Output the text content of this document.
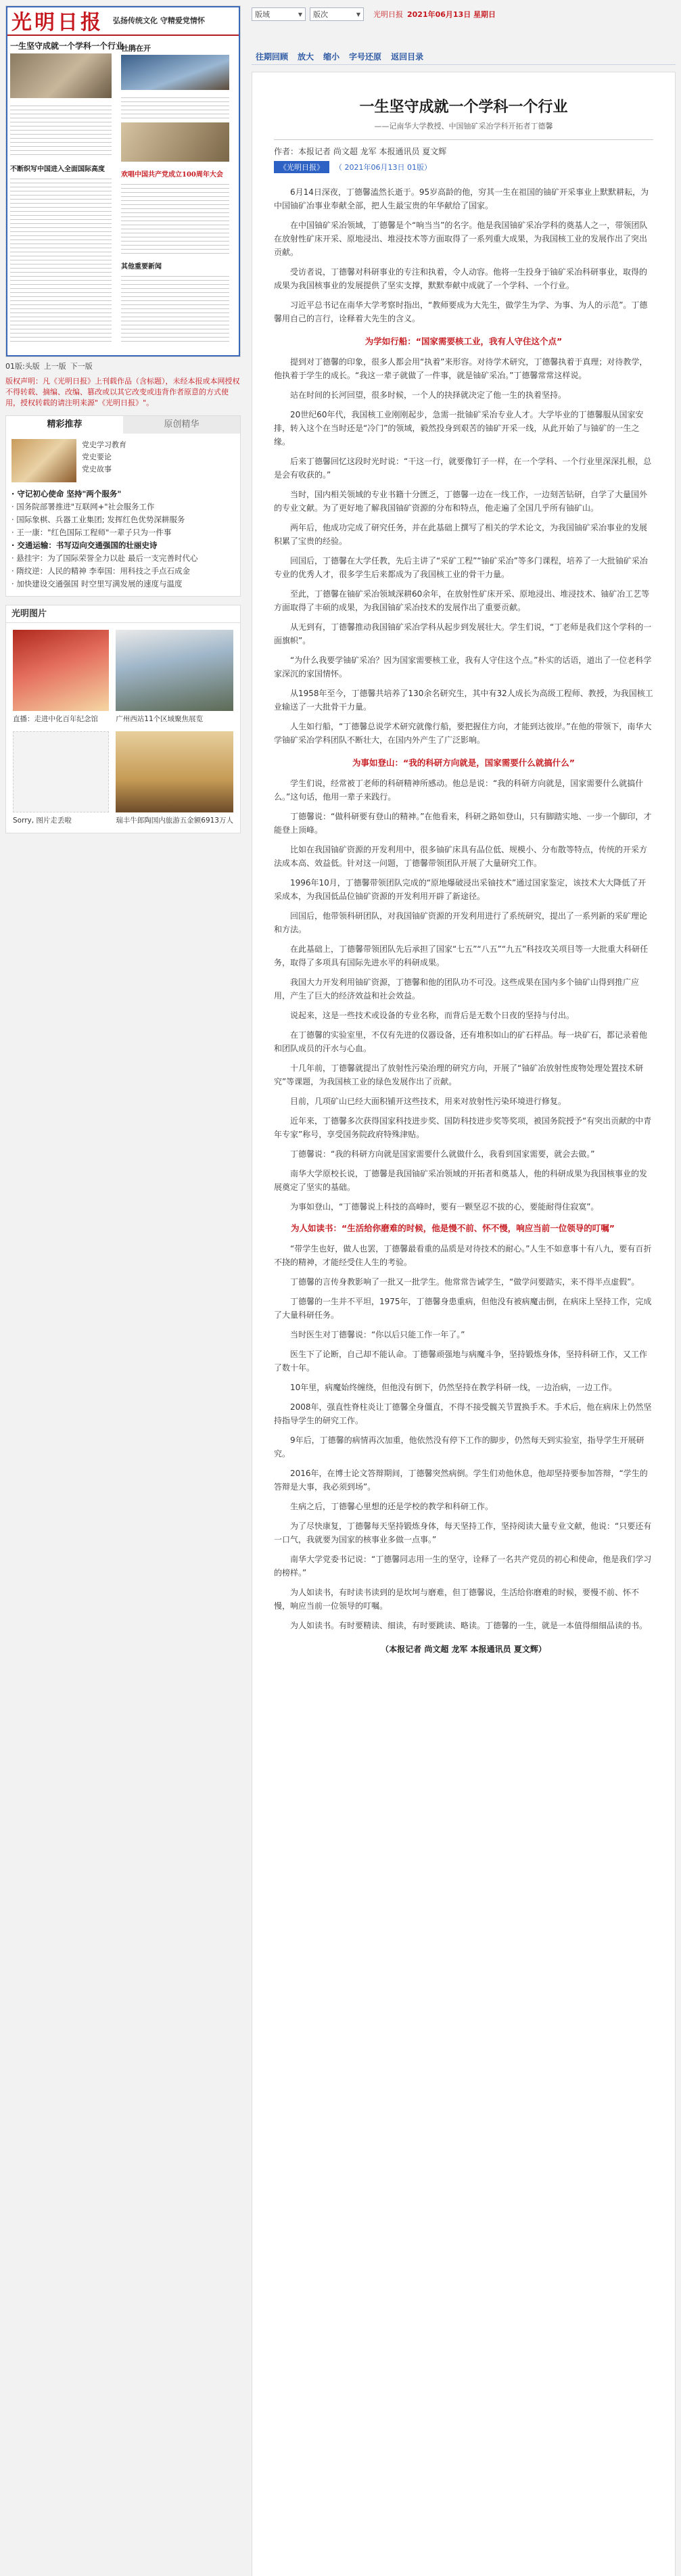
光明日报 弘扬传统文化 守精爱党情怀
一生坚守成就一个学科一个行业
杜鹃在开
不断织写中国进入全面国际高度
欢唱中国共产党成立100周年大会
其他重要新闻
01版:头版 上一版 下一版
版权声明：凡《光明日报》上刊载作品（含标题），未经本报或本网授权不得转载、摘编、改编、篡改或以其它改变或违背作者原意的方式使用，授权转载的请注明来源"《光明日报》"。
精彩推荐	原创精华
党史学习教育
党史要论
党史故事
· 守记初心使命 坚持"两个服务"
· 国务院部署推进"互联网+"社会服务工作
· 国际象棋、兵器工业集团; 发挥红色优势深耕服务
· 王一康："红色国际工程师"一辈子只为一件事
· 交通运输：书写迈向交通强国的壮丽史诗
· 悬挂宇：为了国际荣誉全力以赴 最后一支完善时代心
· 隋纹逆：人民的精神 李奉国：用科技之手点石成金
· 加快建设交通强国 时空里写满发展的速度与温度
光明图片
直播：走进中化百年纪念馆	广州西站11个区域聚焦展览
Sorry, 图片走丢啦	瑞丰牛郎陶国内旅游五金额6913万人
版域	▼ 版次	▼ 光明日报 2021年06月13日 星期日
往期回顾 放大 缩小 字号还原 返回目录
一生坚守成就一个学科一个行业
——记南华大学教授、中国铀矿采冶学科开拓者丁德馨
作者：本报记者 尚文超 龙军 本报通讯员 夏文辉
《光明日报》	（ 2021年06月13日 01版）
6月14日深夜，丁德馨溘然长逝于。95岁高龄的他，穷其一生在祖国的铀矿开采事业上默默耕耘，为中国铀矿冶事业奉献全部，把人生最宝贵的年华献给了国家。
在中国铀矿采冶领域，丁德馨是个“响当当”的名字。他是我国铀矿采冶学科的奠基人之一，带领团队在放射性矿床开采、原地浸出、堆浸技术等方面取得了一系列重大成果，为我国核工业的发展作出了突出贡献。
受访者说，丁德馨对科研事业的专注和执着，令人动容。他将一生投身于铀矿采冶科研事业，取得的成果为我国核事业的发展提供了坚实支撑，默默奉献中成就了一个学科、一个行业。
习近平总书记在南华大学考察时指出，“教师要成为大先生，做学生为学、为事、为人的示范”。丁德馨用自己的言行，诠释着大先生的含义。
为学如行船：“国家需要核工业，我有人守住这个点”
提到对丁德馨的印象，很多人都会用“执着”来形容。对待学术研究，丁德馨执着于真理；对待教学，他执着于学生的成长。“我这一辈子就做了一件事，就是铀矿采冶。”丁德馨常常这样说。
站在时间的长河回望，很多时候，一个人的抉择就决定了他一生的执着坚持。
20世纪60年代，我国核工业刚刚起步，急需一批铀矿采冶专业人才。大学毕业的丁德馨服从国家安排，转入这个在当时还是“冷门”的领域，毅然投身到艰苦的铀矿开采一线，从此开始了与铀矿的一生之缘。
后来丁德馨回忆这段时光时说：“干这一行，就要像钉子一样，在一个学科、一个行业里深深扎根，总是会有收获的。”
当时，国内相关领域的专业书籍十分匮乏，丁德馨一边在一线工作，一边刻苦钻研，自学了大量国外的专业文献。为了更好地了解我国铀矿资源的分布和特点，他走遍了全国几乎所有铀矿山。
两年后，他成功完成了研究任务，并在此基础上撰写了相关的学术论文，为我国铀矿采冶事业的发展积累了宝贵的经验。
回国后，丁德馨在大学任教，先后主讲了“采矿工程”“铀矿采冶”等多门课程，培养了一大批铀矿采冶专业的优秀人才，很多学生后来都成为了我国核工业的骨干力量。
至此，丁德馨在铀矿采冶领域深耕60余年，在放射性矿床开采、原地浸出、堆浸技术、铀矿冶工艺等方面取得了丰硕的成果，为我国铀矿采冶技术的发展作出了重要贡献。
从无到有，丁德馨推动我国铀矿采冶学科从起步到发展壮大。学生们说，“丁老师是我们这个学科的一面旗帜”。
“为什么我要学铀矿采冶？因为国家需要核工业，我有人守住这个点。”朴实的话语，道出了一位老科学家深沉的家国情怀。
从1958年至今，丁德馨共培养了130余名研究生，其中有32人成长为高级工程师、教授，为我国核工业输送了一大批骨干力量。
人生如行船，“丁德馨总说学术研究就像行船，要把握住方向，才能到达彼岸。”在他的带领下，南华大学铀矿采冶学科团队不断壮大，在国内外产生了广泛影响。
为事如登山：“我的科研方向就是，国家需要什么就搞什么”
学生们说，经常被丁老师的科研精神所感动。他总是说：“我的科研方向就是，国家需要什么就搞什么。”这句话，他用一辈子来践行。
丁德馨说：“做科研要有登山的精神。”在他看来，科研之路如登山，只有脚踏实地、一步一个脚印，才能登上顶峰。
比如在我国铀矿资源的开发利用中，很多铀矿床具有品位低、规模小、分布散等特点，传统的开采方法成本高、效益低。针对这一问题，丁德馨带领团队开展了大量研究工作。
1996年10月，丁德馨带领团队完成的“原地爆破浸出采铀技术”通过国家鉴定，该技术大大降低了开采成本，为我国低品位铀矿资源的开发利用开辟了新途径。
回国后，他带领科研团队，对我国铀矿资源的开发利用进行了系统研究，提出了一系列新的采矿理论和方法。
在此基础上，丁德馨带领团队先后承担了国家“七五”“八五”“九五”科技攻关项目等一大批重大科研任务，取得了多项具有国际先进水平的科研成果。
我国大力开发利用铀矿资源，丁德馨和他的团队功不可没。这些成果在国内多个铀矿山得到推广应用，产生了巨大的经济效益和社会效益。
说起来，这是一些技术或设备的专业名称，而背后是无数个日夜的坚持与付出。
在丁德馨的实验室里，不仅有先进的仪器设备，还有堆积如山的矿石样品。每一块矿石，都记录着他和团队成员的汗水与心血。
十几年前，丁德馨就提出了放射性污染治理的研究方向，开展了“铀矿冶放射性废物处理处置技术研究”等课题，为我国核工业的绿色发展作出了贡献。
目前，几项矿山已经大面积铺开这些技术，用来对放射性污染环境进行修复。
近年来，丁德馨多次获得国家科技进步奖、国防科技进步奖等奖项，被国务院授予“有突出贡献的中青年专家”称号，享受国务院政府特殊津贴。
丁德馨说：“我的科研方向就是国家需要什么就做什么，我看到国家需要，就会去做。”
南华大学原校长说，丁德馨是我国铀矿采冶领域的开拓者和奠基人，他的科研成果为我国核事业的发展奠定了坚实的基础。
为事如登山，“丁德馨说上科技的高峰时，要有一颗坚忍不拔的心，要能耐得住寂寞”。
为人如读书：“生活给你磨难的时候，他是慢不前、怀不慢，响应当前一位领导的叮嘱”
“带学生也好，做人也罢，丁德馨最看重的品质是对待技术的耐心。”人生不如意事十有八九，要有百折不挠的精神，才能经受住人生的考验。
丁德馨的言传身教影响了一批又一批学生。他常常告诫学生，“做学问要踏实，来不得半点虚假”。
丁德馨的一生并不平坦，1975年，丁德馨身患重病，但他没有被病魔击倒，在病床上坚持工作，完成了大量科研任务。
当时医生对丁德馨说：“你以后只能工作一年了。”
医生下了论断，自己却不能认命。丁德馨顽强地与病魔斗争，坚持锻炼身体，坚持科研工作，又工作了数十年。
10年里，病魔始终缠绕，但他没有倒下，仍然坚持在教学科研一线，一边治病，一边工作。
2008年，强直性脊柱炎让丁德馨全身僵直，不得不接受髋关节置换手术。手术后，他在病床上仍然坚持指导学生的研究工作。
9年后，丁德馨的病情再次加重，他依然没有停下工作的脚步，仍然每天到实验室，指导学生开展研究。
2016年，在博士论文答辩期间，丁德馨突然病倒。学生们劝他休息，他却坚持要参加答辩，“学生的答辩是大事，我必须到场”。
生病之后，丁德馨心里想的还是学校的教学和科研工作。
为了尽快康复，丁德馨每天坚持锻炼身体，每天坚持工作，坚持阅读大量专业文献，他说：“只要还有一口气，我就要为国家的核事业多做一点事。”
南华大学党委书记说：“丁德馨同志用一生的坚守，诠释了一名共产党员的初心和使命，他是我们学习的榜样。”
为人如读书，有时读书读到的是坎坷与磨难，但丁德馨说，生活给你磨难的时候，要慢不前、怀不慢，响应当前一位领导的叮嘱。
为人如读书。有时要精读、细读，有时要跳读、略读。丁德馨的一生，就是一本值得细细品读的书。
（本报记者 尚文超 龙军 本报通讯员 夏文辉）
